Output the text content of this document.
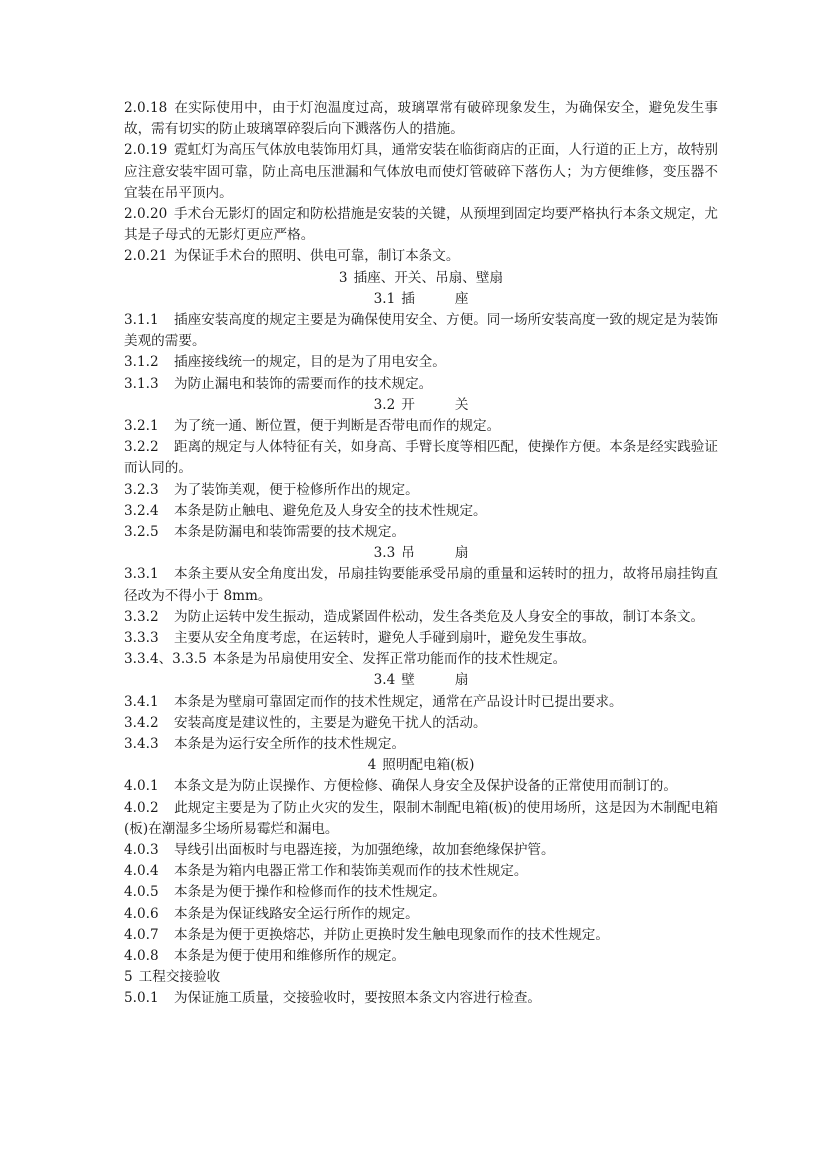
2.0.18 在实际使用中，由于灯泡温度过高，玻璃罩常有破碎现象发生，为确保安全，避免发生事故，需有切实的防止玻璃罩碎裂后向下溅落伤人的措施。
2.0.19 霓虹灯为高压气体放电装饰用灯具，通常安装在临街商店的正面，人行道的正上方，故特别应注意安装牢固可靠，防止高电压泄漏和气体放电而使灯管破碎下落伤人；为方便维修，变压器不宜装在吊平顶内。
2.0.20 手术台无影灯的固定和防松措施是安装的关键，从预埋到固定均要严格执行本条文规定，尤其是子母式的无影灯更应严格。
2.0.21 为保证手术台的照明、供电可靠，制订本条文。
3 插座、开关、吊扇、壁扇
3.1 插	座
3.1.1 插座安装高度的规定主要是为确保使用安全、方便。同一场所安装高度一致的规定是为装饰美观的需要。
3.1.2 插座接线统一的规定，目的是为了用电安全。
3.1.3 为防止漏电和装饰的需要而作的技术规定。
3.2 开	关
3.2.1 为了统一通、断位置，便于判断是否带电而作的规定。
3.2.2 距离的规定与人体特征有关，如身高、手臂长度等相匹配，使操作方便。本条是经实践验证而认同的。
3.2.3 为了装饰美观，便于检修所作出的规定。
3.2.4 本条是防止触电、避免危及人身安全的技术性规定。
3.2.5 本条是防漏电和装饰需要的技术规定。
3.3 吊	扇
3.3.1 本条主要从安全角度出发，吊扇挂钩要能承受吊扇的重量和运转时的扭力，故将吊扇挂钩直径改为不得小于 8mm。
3.3.2 为防止运转中发生振动，造成紧固件松动，发生各类危及人身安全的事故，制订本条文。
3.3.3 主要从安全角度考虑，在运转时，避免人手碰到扇叶，避免发生事故。
3.3.4、3.3.5 本条是为吊扇使用安全、发挥正常功能而作的技术性规定。
3.4 壁	扇
3.4.1 本条是为壁扇可靠固定而作的技术性规定，通常在产品设计时已提出要求。
3.4.2 安装高度是建议性的，主要是为避免干扰人的活动。
3.4.3 本条是为运行安全所作的技术性规定。
4 照明配电箱(板)
4.0.1 本条文是为防止误操作、方便检修、确保人身安全及保护设备的正常使用而制订的。
4.0.2 此规定主要是为了防止火灾的发生，限制木制配电箱(板)的使用场所，这是因为木制配电箱(板)在潮湿多尘场所易霉烂和漏电。
4.0.3 导线引出面板时与电器连接，为加强绝缘，故加套绝缘保护管。
4.0.4 本条是为箱内电器正常工作和装饰美观而作的技术性规定。
4.0.5 本条是为便于操作和检修而作的技术性规定。
4.0.6 本条是为保证线路安全运行所作的规定。
4.0.7 本条是为便于更换熔芯，并防止更换时发生触电现象而作的技术性规定。
4.0.8 本条是为便于使用和维修所作的规定。
5 工程交接验收
5.0.1 为保证施工质量，交接验收时，要按照本条文内容进行检查。
